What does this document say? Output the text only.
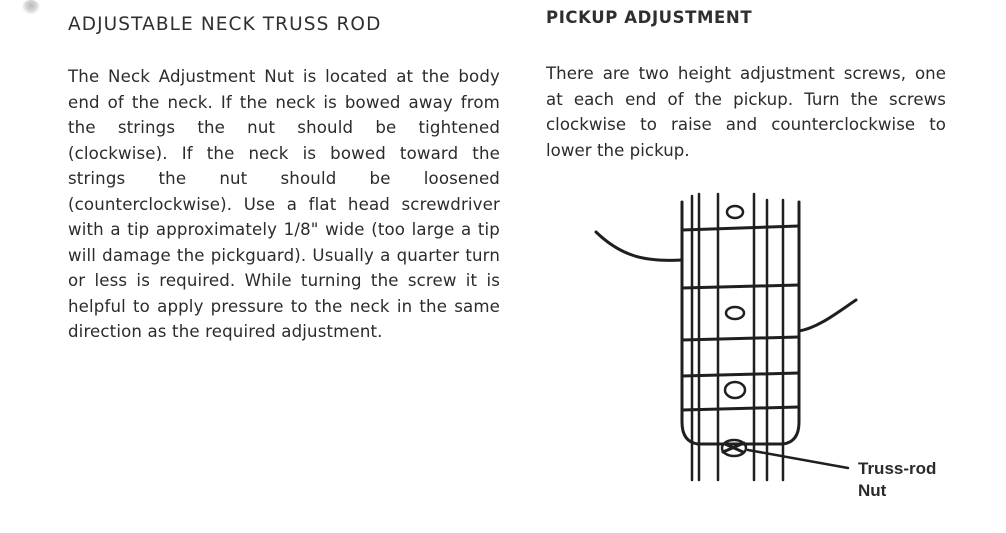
ADJUSTABLE NECK TRUSS ROD

The Neck Adjustment Nut is located at the body end of the neck. If the neck is bowed away from the strings the nut should be tightened (clockwise). If the neck is bowed toward the strings the nut should be loosened (counterclockwise). Use a flat head screwdriver with a tip approximately 1/8" wide (too large a tip will damage the pickguard). Usually a quarter turn or less is required. While turning the screw it is helpful to apply pressure to the neck in the same direction as the required adjustment.

PICKUP ADJUSTMENT

There are two height adjustment screws, one at each end of the pickup. Turn the screws clockwise to raise and counterclockwise to lower the pickup.

Truss-rod
Nut
